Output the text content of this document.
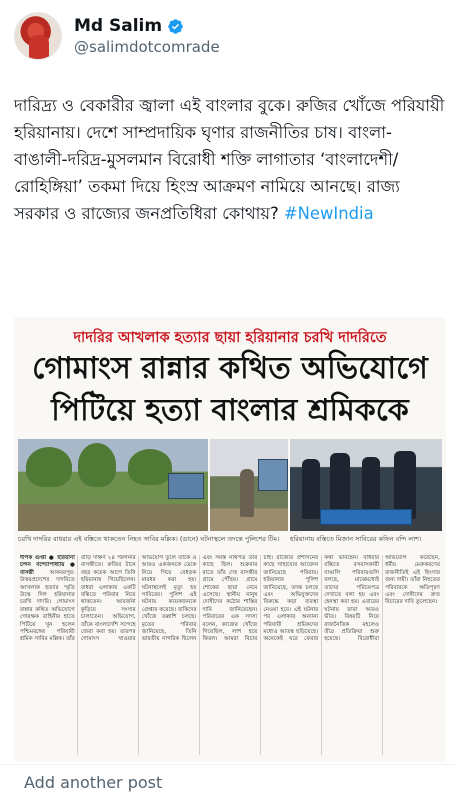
Md Salim
@salimdotcomrade
দারিদ্র্য ও বেকারীর জ্বালা এই বাংলার বুকে। রুজির খোঁজে পরিযায়ী হরিয়ানায়। দেশে সাম্প্রদায়িক ঘৃণার রাজনীতির চাষ। বাংলা- বাঙালী-দরিদ্র-মুসলমান বিরোধী শক্তি লাগাতার ‘বাংলাদেশী/রোহিঙ্গিয়া’ তকমা দিয়ে হিংস্র আক্রমণ নামিয়ে আনছে। রাজ্য সরকার ও রাজ্যের জনপ্রতিধিরা কোথায়? #NewIndia
দাদরির আখলাক হত্যার ছায়া হরিয়ানার চরখি দাদরিতে
গোমাংস রান্নার কথিত অভিযোগে
পিটিয়ে হত্যা বাংলার শ্রমিককে
চরখি দাদরির বাধরার এই বস্তিতে থাকতেন নিহত সাবির মল্লিক। (ডানে) ঘটনাস্থলে তদন্তে পুলিশের টিম।	হরিয়ানায় বস্তিতে মিজান সাবিরের কফিন বন্দি লাশ।
দীপক গুপ্তা ● হরিয়ানা চন্দন বন্দ্যোপাধ্যায় ● বাসন্তী	আকবরপুর: উত্তরপ্রদেশের দাদরিতে আখলাক হত্যার স্মৃতি উস্কে দিল হরিয়ানার চরখি দাদরি। গোমাংস রান্নার কথিত অভিযোগে গোরক্ষক বাহিনীর হাতে পিটিয়ে খুন হলেন পশ্চিমবঙ্গের পরিযায়ী শ্রমিক সাবির মল্লিক। তাঁর বাড়ি দক্ষিণ ২৪ পরগনার বাসন্তীতে। রুজির টানে বছর কয়েক আগে তিনি হরিয়ানায় গিয়েছিলেন। বাধরা এলাকায় একটি বস্তিতে পরিবার নিয়ে থাকতেন। আবর্জনা কুড়িয়ে সংসার চালাতেন। অভিযোগ, তাঁকে বাংলাদেশি সন্দেহে জেরা করা হয়। তারপর গোমাংস খাওয়ার অভিযোগ তুলে তাঁকে ও আরও একজনকে ডেকে নিয়ে গিয়ে বেধড়ক মারধর করা হয়। ঘটনাস্থলেই মৃত্যু হয় সাবিরের। পুলিশ এই ঘটনায় কয়েকজনকে গ্রেপ্তার করেছে। বাকিদের খোঁজে তল্লাশি চলছে। মৃতের পরিবার জানিয়েছে, তিনি ভারতীয় নাগরিক ছিলেন এবং সমস্ত নথিপত্র তাঁর কাছে ছিল। শুক্রবার রাতে তাঁর দেহ বাসন্তীর গ্রামে পৌঁছয়। গ্রামে শোকের ছায়া নেমে এসেছে। স্থানীয় মানুষ দোষীদের কঠোর শাস্তির দাবি জানিয়েছেন। পরিবারের এক সদস্য বলেন, কাজের খোঁজে গিয়েছিল, লাশ হয়ে ফিরল। আমরা বিচার চাই। রাজ্যের প্রশাসনের কাছে সাহায্যের আবেদন জানিয়েছে পরিবার। হরিয়ানার পুলিশ জানিয়েছে, তদন্ত চলছে এবং অভিযুক্তদের বিরুদ্ধে কড়া ব্যবস্থা নেওয়া হবে। এই ঘটনার পর এলাকার অন্যান্য পরিযায়ী শ্রমিকদের মধ্যেও আতঙ্ক ছড়িয়েছে। অনেকেই ঘরে ফেরার কথা ভাবছেন। বাধরার বস্তিতে বসবাসকারী বাঙালি পরিবারগুলি বলছে, মাঝেমধ্যেই তাদের পরিচয়পত্র দেখাতে বলা হয় এবং হেনস্থা করা হয়। এবারের ঘটনায় তারা আরও ভীত। বিষয়টি নিয়ে রাজনৈতিক মহলেও তীব্র প্রতিক্রিয়া শুরু হয়েছে। বিরোধীরা অভিযোগ করেছেন, ধর্মীয় মেরুকরণের রাজনীতিই এই হিংসার জন্য দায়ী। তাঁরা নিহতের পরিবারকে ক্ষতিপূরণ এবং দোষীদের দ্রুত বিচারের দাবি তুলেছেন।
Add another post
